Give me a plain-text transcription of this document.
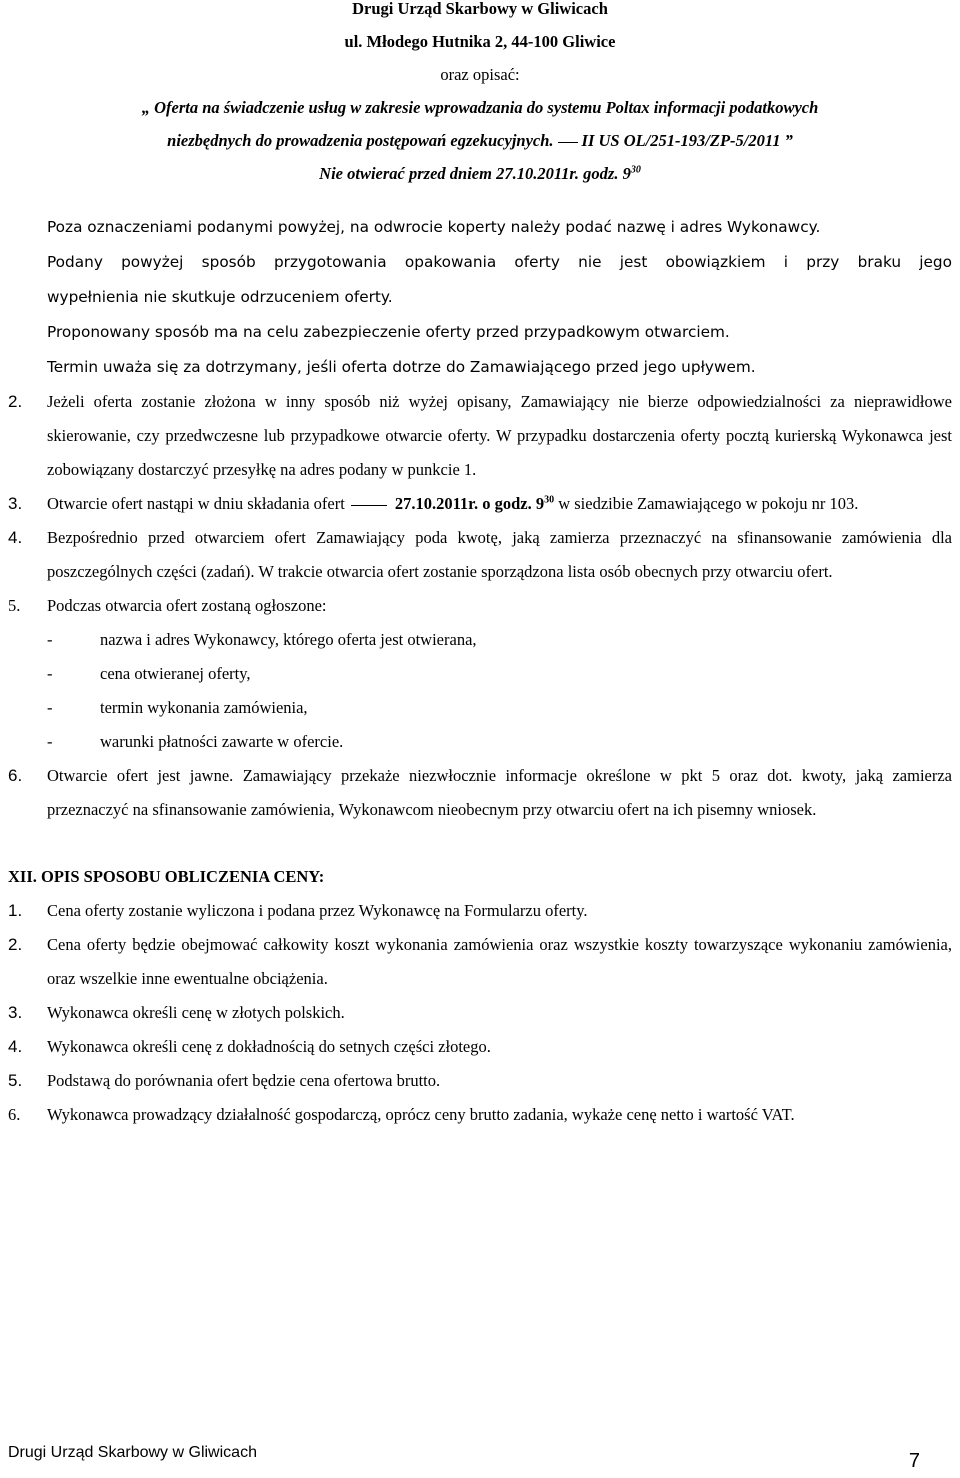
Drugi Urząd Skarbowy w Gliwicach
ul. Młodego Hutnika 2, 44-100 Gliwice
oraz opisać:
„ Oferta na świadczenie usług w zakresie wprowadzania do systemu Poltax informacji podatkowych
niezbędnych do prowadzenia postępowań egzekucyjnych. II US OL/251-193/ZP-5/2011 ”
Nie otwierać przed dniem 27.10.2011r. godz. $9^{30}$
Poza oznaczeniami podanymi powyżej, na odwrocie koperty należy podać nazwę i adres Wykonawcy.
Podany powyżej sposób przygotowania opakowania oferty nie jest obowiązkiem i przy braku jego
wypełnienia nie skutkuje odrzuceniem oferty.
Proponowany sposób ma na celu zabezpieczenie oferty przed przypadkowym otwarciem.
Termin uważa się za dotrzymany, jeśli oferta dotrze do Zamawiającego przed jego upływem.
2.	Jeżeli oferta zostanie złożona w inny sposób niż wyżej opisany, Zamawiający nie bierze odpowiedzialności za nieprawidłowe skierowanie, czy przedwczesne lub przypadkowe otwarcie oferty. W przypadku dostarczenia oferty pocztą kurierską Wykonawca jest zobowiązany dostarczyć przesyłkę na adres podany w punkcie 1.
3.	Otwarcie ofert nastąpi w dniu składania ofert	27.10.2011r. o godz. $9^{30}$ w siedzibie Zamawiającego w pokoju nr 103.
4.	Bezpośrednio przed otwarciem ofert Zamawiający poda kwotę, jaką zamierza przeznaczyć na sfinansowanie zamówienia dla poszczególnych części (zadań). W trakcie otwarcia ofert zostanie sporządzona lista osób obecnych przy otwarciu ofert.
5.	Podczas otwarcia ofert zostaną ogłoszone:
-	nazwa i adres Wykonawcy, którego oferta jest otwierana,
-	cena otwieranej oferty,
-	termin wykonania zamówienia,
-	warunki płatności zawarte w ofercie.
6.	Otwarcie ofert jest jawne. Zamawiający przekaże niezwłocznie informacje określone w pkt 5 oraz dot. kwoty, jaką zamierza przeznaczyć na sfinansowanie zamówienia, Wykonawcom nieobecnym przy otwarciu ofert na ich pisemny wniosek.
XII. OPIS SPOSOBU OBLICZENIA CENY:
1.	Cena oferty zostanie wyliczona i podana przez Wykonawcę na Formularzu oferty.
2.	Cena oferty będzie obejmować całkowity koszt wykonania zamówienia oraz wszystkie koszty towarzyszące wykonaniu zamówienia, oraz wszelkie inne ewentualne obciążenia.
3.	Wykonawca określi cenę w złotych polskich.
4.	Wykonawca określi cenę z dokładnością do setnych części złotego.
5.	Podstawą do porównania ofert będzie cena ofertowa brutto.
6.	Wykonawca prowadzący działalność gospodarczą, oprócz ceny brutto zadania, wykaże cenę netto i wartość VAT.
Drugi Urząd Skarbowy w Gliwicach	7
